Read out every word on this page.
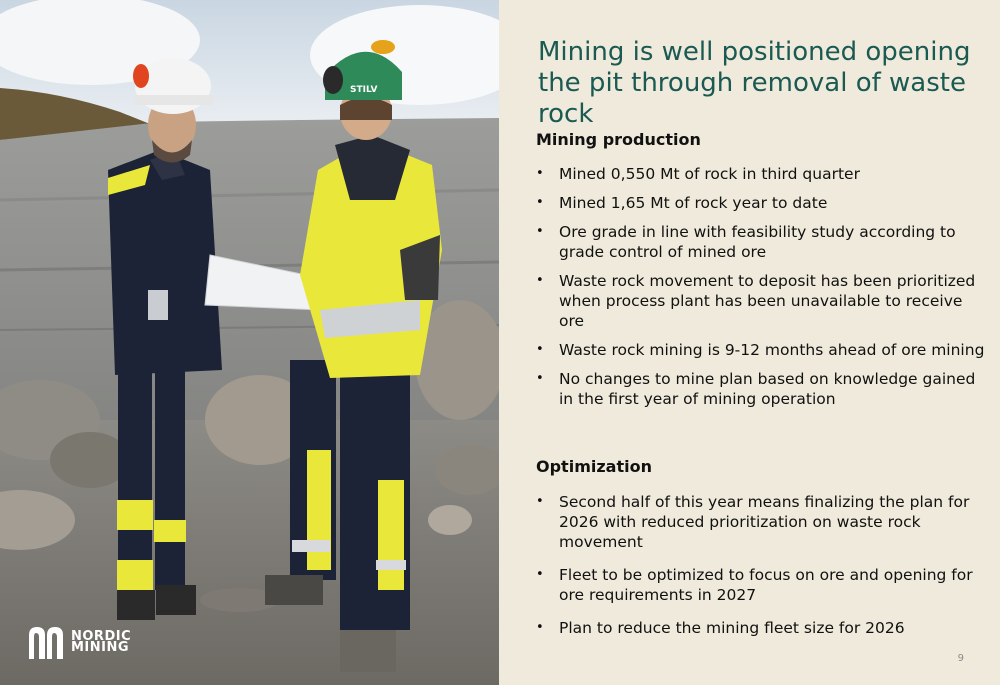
STILV
NORDIC
MINING
Mining is well positioned opening the pit through removal of waste rock
Mining production
• Mined 0,550 Mt of rock in third quarter
• Mined 1,65 Mt of rock year to date
• Ore grade in line with feasibility study according to grade control of mined ore
• Waste rock movement to deposit has been prioritized when process plant has been unavailable to receive ore
• Waste rock mining is 9-12 months ahead of ore mining
• No changes to mine plan based on knowledge gained in the first year of mining operation
Optimization
• Second half of this year means finalizing the plan for 2026 with reduced prioritization on waste rock movement
• Fleet to be optimized to focus on ore and opening for ore requirements in 2027
• Plan to reduce the mining fleet size for 2026
9
